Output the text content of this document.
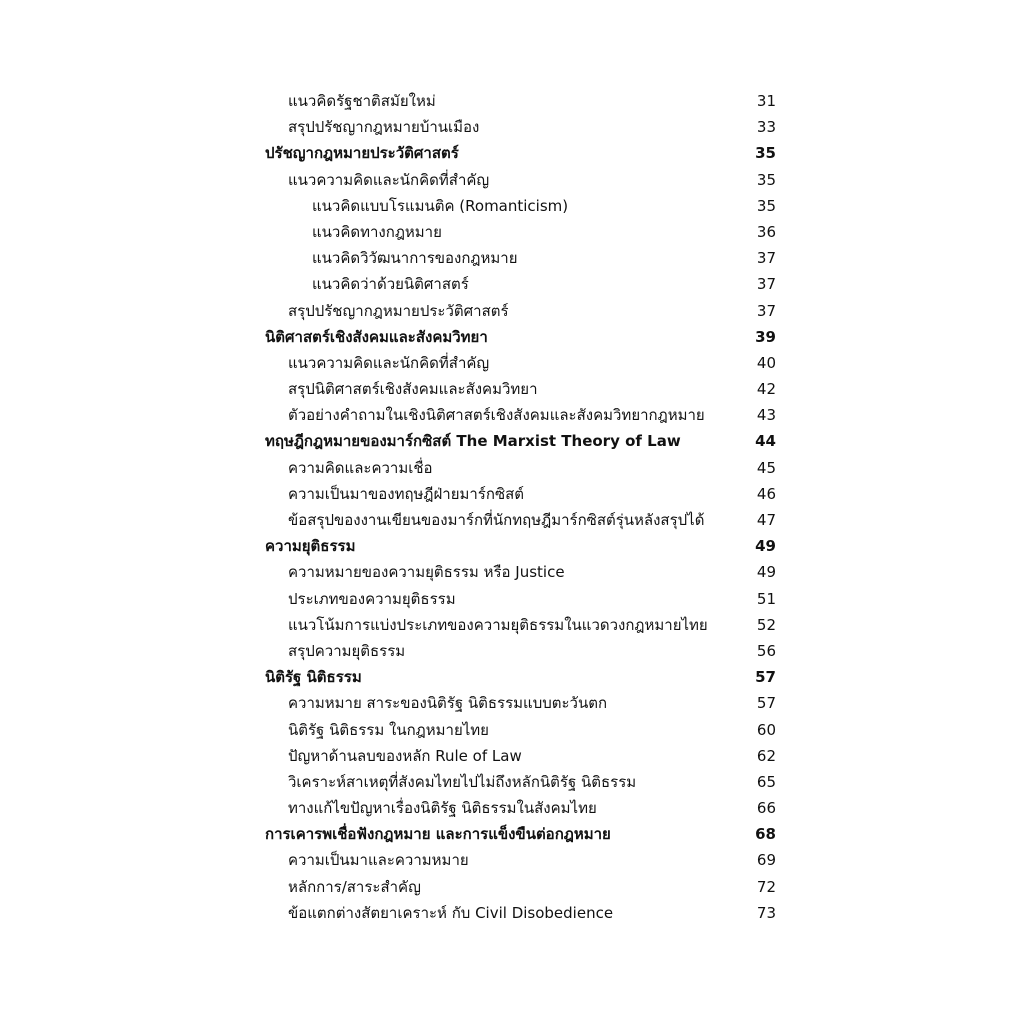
แนวคิดรัฐชาติสมัยใหม่	31
สรุปปรัชญากฎหมายบ้านเมือง	33
ปรัชญากฎหมายประวัติศาสตร์	35
แนวความคิดและนักคิดที่สำคัญ	35
แนวคิดแบบโรแมนติค (Romanticism)	35
แนวคิดทางกฎหมาย	36
แนวคิดวิวัฒนาการของกฎหมาย	37
แนวคิดว่าด้วยนิติศาสตร์	37
สรุปปรัชญากฎหมายประวัติศาสตร์	37
นิติศาสตร์เชิงสังคมและสังคมวิทยา	39
แนวความคิดและนักคิดที่สำคัญ	40
สรุปนิติศาสตร์เชิงสังคมและสังคมวิทยา	42
ตัวอย่างคำถามในเชิงนิติศาสตร์เชิงสังคมและสังคมวิทยากฎหมาย	43
ทฤษฎีกฎหมายของมาร์กซิสต์ The Marxist Theory of Law	44
ความคิดและความเชื่อ	45
ความเป็นมาของทฤษฎีฝ่ายมาร์กซิสต์	46
ข้อสรุปของงานเขียนของมาร์กที่นักทฤษฎีมาร์กซิสต์รุ่นหลังสรุปได้	47
ความยุติธรรม	49
ความหมายของความยุติธรรม หรือ Justice	49
ประเภทของความยุติธรรม	51
แนวโน้มการแบ่งประเภทของความยุติธรรมในแวดวงกฎหมายไทย	52
สรุปความยุติธรรม	56
นิติรัฐ นิติธรรม	57
ความหมาย สาระของนิติรัฐ นิติธรรมแบบตะวันตก	57
นิติรัฐ นิติธรรม ในกฎหมายไทย	60
ปัญหาด้านลบของหลัก Rule of Law	62
วิเคราะห์สาเหตุที่สังคมไทยไปไม่ถึงหลักนิติรัฐ นิติธรรม	65
ทางแก้ไขปัญหาเรื่องนิติรัฐ นิติธรรมในสังคมไทย	66
การเคารพเชื่อฟังกฎหมาย และการแข็งขืนต่อกฎหมาย	68
ความเป็นมาและความหมาย	69
หลักการ/สาระสำคัญ	72
ข้อแตกต่างสัตยาเคราะห์ กับ Civil Disobedience	73
